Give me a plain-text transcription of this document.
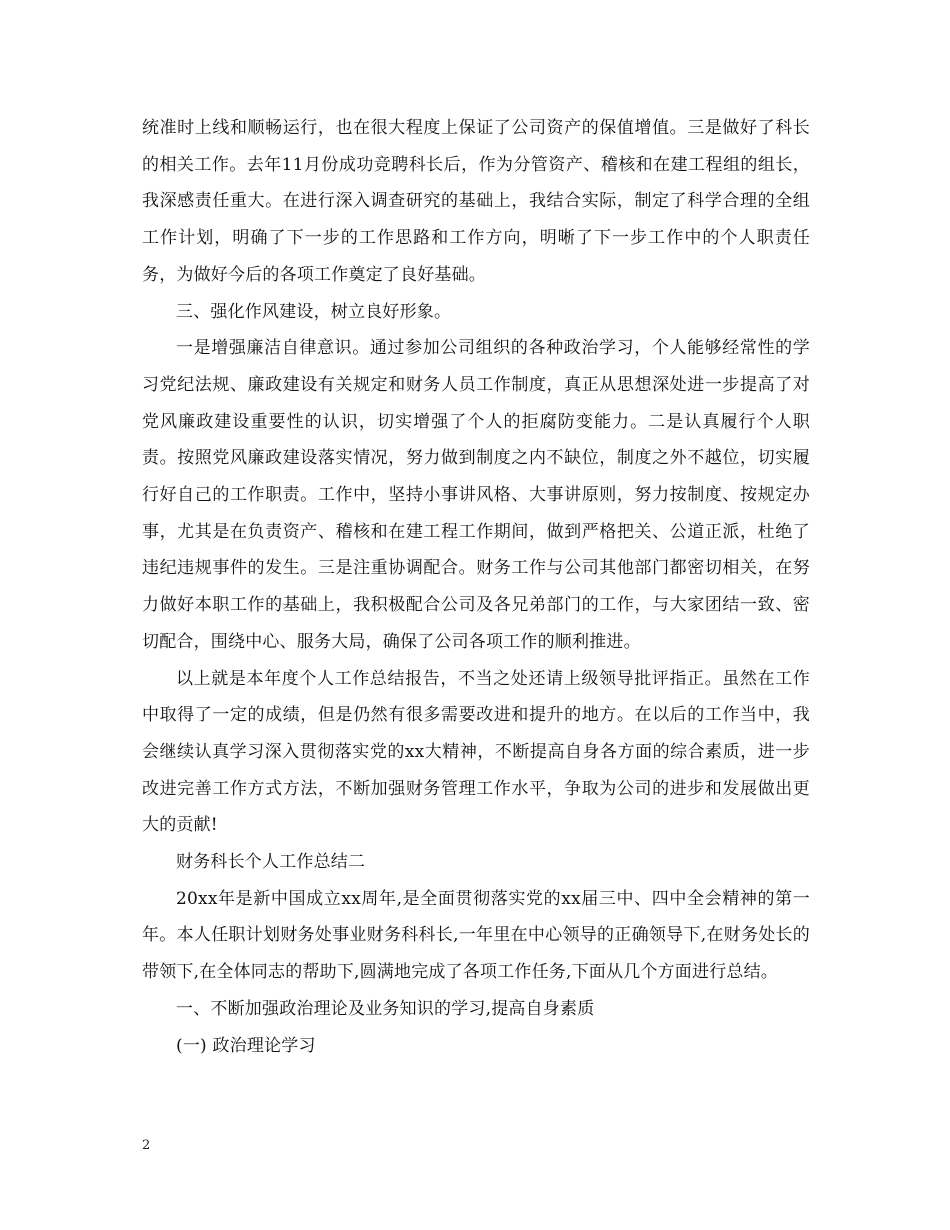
统准时上线和顺畅运行，也在很大程度上保证了公司资产的保值增值。三是做好了科长的相关工作。去年11月份成功竞聘科长后，作为分管资产、稽核和在建工程组的组长，我深感责任重大。在进行深入调查研究的基础上，我结合实际，制定了科学合理的全组工作计划，明确了下一步的工作思路和工作方向，明晰了下一步工作中的个人职责任务，为做好今后的各项工作奠定了良好基础。

三、强化作风建设，树立良好形象。

一是增强廉洁自律意识。通过参加公司组织的各种政治学习，个人能够经常性的学习党纪法规、廉政建设有关规定和财务人员工作制度，真正从思想深处进一步提高了对党风廉政建设重要性的认识，切实增强了个人的拒腐防变能力。二是认真履行个人职责。按照党风廉政建设落实情况，努力做到制度之内不缺位，制度之外不越位，切实履行好自己的工作职责。工作中，坚持小事讲风格、大事讲原则，努力按制度、按规定办事，尤其是在负责资产、稽核和在建工程工作期间，做到严格把关、公道正派，杜绝了违纪违规事件的发生。三是注重协调配合。财务工作与公司其他部门都密切相关，在努力做好本职工作的基础上，我积极配合公司及各兄弟部门的工作，与大家团结一致、密切配合，围绕中心、服务大局，确保了公司各项工作的顺利推进。

以上就是本年度个人工作总结报告，不当之处还请上级领导批评指正。虽然在工作中取得了一定的成绩，但是仍然有很多需要改进和提升的地方。在以后的工作当中，我会继续认真学习深入贯彻落实党的xx大精神，不断提高自身各方面的综合素质，进一步改进完善工作方式方法，不断加强财务管理工作水平，争取为公司的进步和发展做出更大的贡献!

财务科长个人工作总结二

20xx年是新中国成立xx周年,是全面贯彻落实党的xx届三中、四中全会精神的第一年。本人任职计划财务处事业财务科科长,一年里在中心领导的正确领导下,在财务处长的带领下,在全体同志的帮助下,圆满地完成了各项工作任务,下面从几个方面进行总结。

一、不断加强政治理论及业务知识的学习,提高自身素质

(一) 政治理论学习

2
